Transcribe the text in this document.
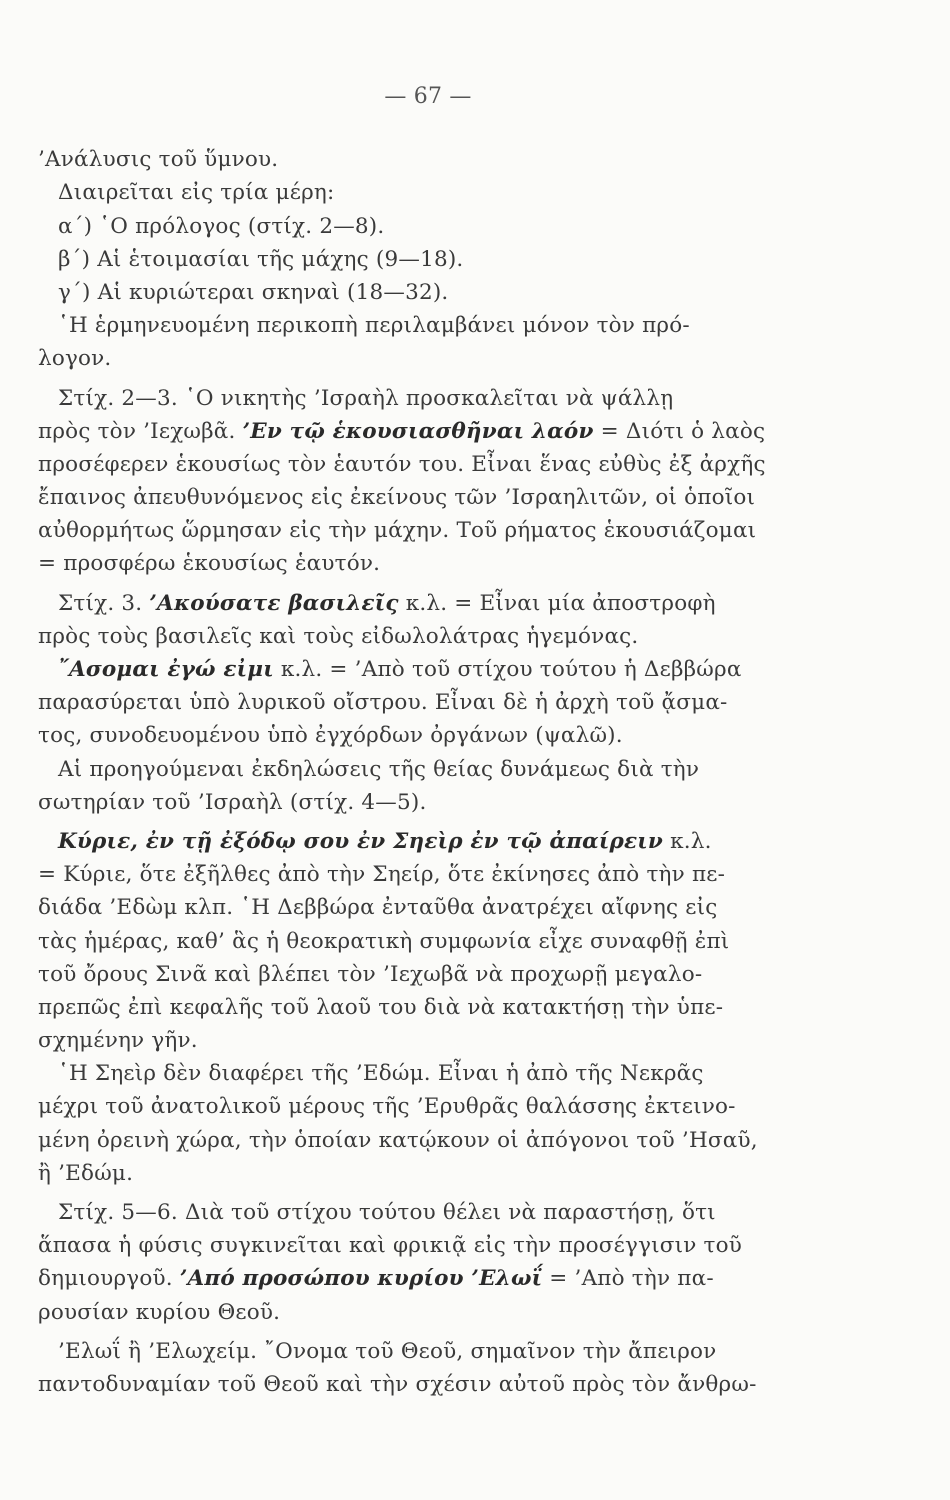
— 67 —
’Ανάλυσις τοῦ ὕμνου.
Διαιρεῖται εἰς τρία μέρη:
α΄) ῾Ο πρόλογος (στίχ. 2—8).
β΄) Αἱ ἑτοιμασίαι τῆς μάχης (9—18).
γ΄) Αἱ κυριώτεραι σκηναὶ (18—32).
῾Η ἑρμηνευομένη περικοπὴ περιλαμβάνει μόνον τὸν πρό-
λογον.
Στίχ. 2—3. ῾Ο νικητὴς ’Ισραὴλ προσκαλεῖται νὰ ψάλλῃ
πρὸς τὸν ’Ιεχωβᾶ. ’Εν τῷ ἑκουσιασθῆναι λαόν = Διότι ὁ λαὸς
προσέφερεν ἑκουσίως τὸν ἑαυτόν του. Εἶναι ἕνας εὐθὺς ἐξ ἀρχῆς
ἔπαινος ἀπευθυνόμενος εἰς ἐκείνους τῶν ’Ισραηλιτῶν, οἱ ὁποῖοι
αὐθορμήτως ὥρμησαν εἰς τὴν μάχην. Τοῦ ρήματος ἑκουσιάζομαι
= προσφέρω ἑκουσίως ἑαυτόν.
Στίχ. 3. ’Ακούσατε βασιλεῖς κ.λ. = Εἶναι μία ἀποστροφὴ
πρὸς τοὺς βασιλεῖς καὶ τοὺς εἰδωλολάτρας ἡγεμόνας.
῎Ασομαι ἐγώ εἰμι κ.λ. = ’Απὸ τοῦ στίχου τούτου ἡ Δεββώρα
παρασύρεται ὑπὸ λυρικοῦ οἴστρου. Εἶναι δὲ ἡ ἀρχὴ τοῦ ᾄσμα-
τος, συνοδευομένου ὑπὸ ἐγχόρδων ὀργάνων (ψαλῶ).
Αἱ προηγούμεναι ἐκδηλώσεις τῆς θείας δυνάμεως διὰ τὴν
σωτηρίαν τοῦ ’Ισραὴλ (στίχ. 4—5).
Κύριε, ἐν τῇ ἐξόδῳ σου ἐν Σηεὶρ ἐν τῷ ἀπαίρειν κ.λ.
= Κύριε, ὅτε ἐξῆλθες ἀπὸ τὴν Σηείρ, ὅτε ἐκίνησες ἀπὸ τὴν πε-
διάδα ’Εδὼμ κλπ. ῾Η Δεββώρα ἐνταῦθα ἀνατρέχει αἴφνης εἰς
τὰς ἡμέρας, καθ’ ἃς ἡ θεοκρατικὴ συμφωνία εἶχε συναφθῇ ἐπὶ
τοῦ ὄρους Σινᾶ καὶ βλέπει τὸν ’Ιεχωβᾶ νὰ προχωρῇ μεγαλο-
πρεπῶς ἐπὶ κεφαλῆς τοῦ λαοῦ του διὰ νὰ κατακτήσῃ τὴν ὑπε-
σχημένην γῆν.
῾Η Σηεὶρ δὲν διαφέρει τῆς ’Εδώμ. Εἶναι ἡ ἀπὸ τῆς Νεκρᾶς
μέχρι τοῦ ἀνατολικοῦ μέρους τῆς ’Ερυθρᾶς θαλάσσης ἐκτεινο-
μένη ὀρεινὴ χώρα, τὴν ὁποίαν κατῴκουν οἱ ἀπόγονοι τοῦ ’Ησαῦ,
ἢ ’Εδώμ.
Στίχ. 5—6. Διὰ τοῦ στίχου τούτου θέλει νὰ παραστήσῃ, ὅτι
ἅπασα ἡ φύσις συγκινεῖται καὶ φρικιᾷ εἰς τὴν προσέγγισιν τοῦ
δημιουργοῦ. ’Από προσώπου κυρίου ’Ελωΐ = ’Απὸ τὴν πα-
ρουσίαν κυρίου Θεοῦ.
’Ελωΐ ἢ ’Ελωχείμ. ῎Ονομα τοῦ Θεοῦ, σημαῖνον τὴν ἄπειρον
παντοδυναμίαν τοῦ Θεοῦ καὶ τὴν σχέσιν αὐτοῦ πρὸς τὸν ἄνθρω-
